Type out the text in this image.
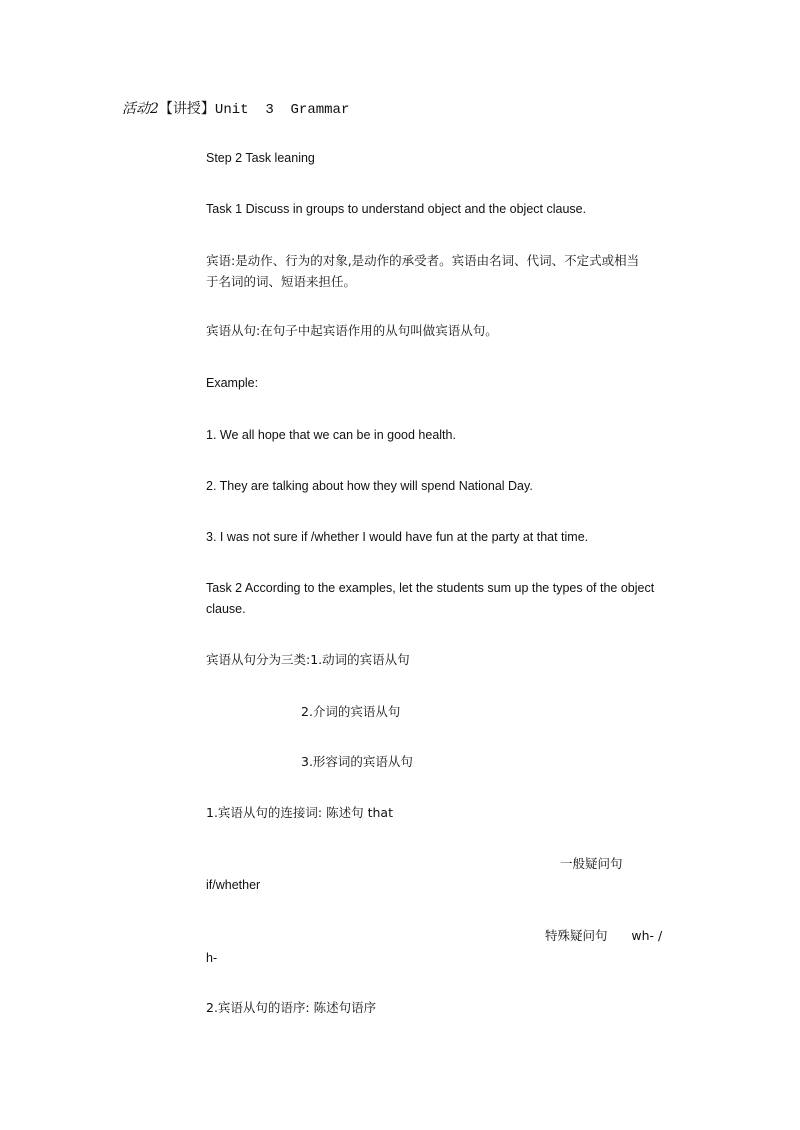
活动2【讲授】Unit  3  Grammar
Step 2 Task leaning
Task 1 Discuss in groups to understand object and the object clause.
宾语:是动作、行为的对象,是动作的承受者。宾语由名词、代词、不定式或相当
于名词的词、短语来担任。
宾语从句:在句子中起宾语作用的从句叫做宾语从句。
Example:
1. We all hope that we can be in good health.
2. They are talking about how they will spend National Day.
3. I was not sure if /whether I would have fun at the party at that time.
Task 2 According to the examples, let the students sum up the types of the object
clause.
宾语从句分为三类:1.动词的宾语从句
2.介词的宾语从句
3.形容词的宾语从句
1.宾语从句的连接词: 陈述句 that
一般疑问句
if/whether
特殊疑问句      wh- /
h-
2.宾语从句的语序: 陈述句语序
